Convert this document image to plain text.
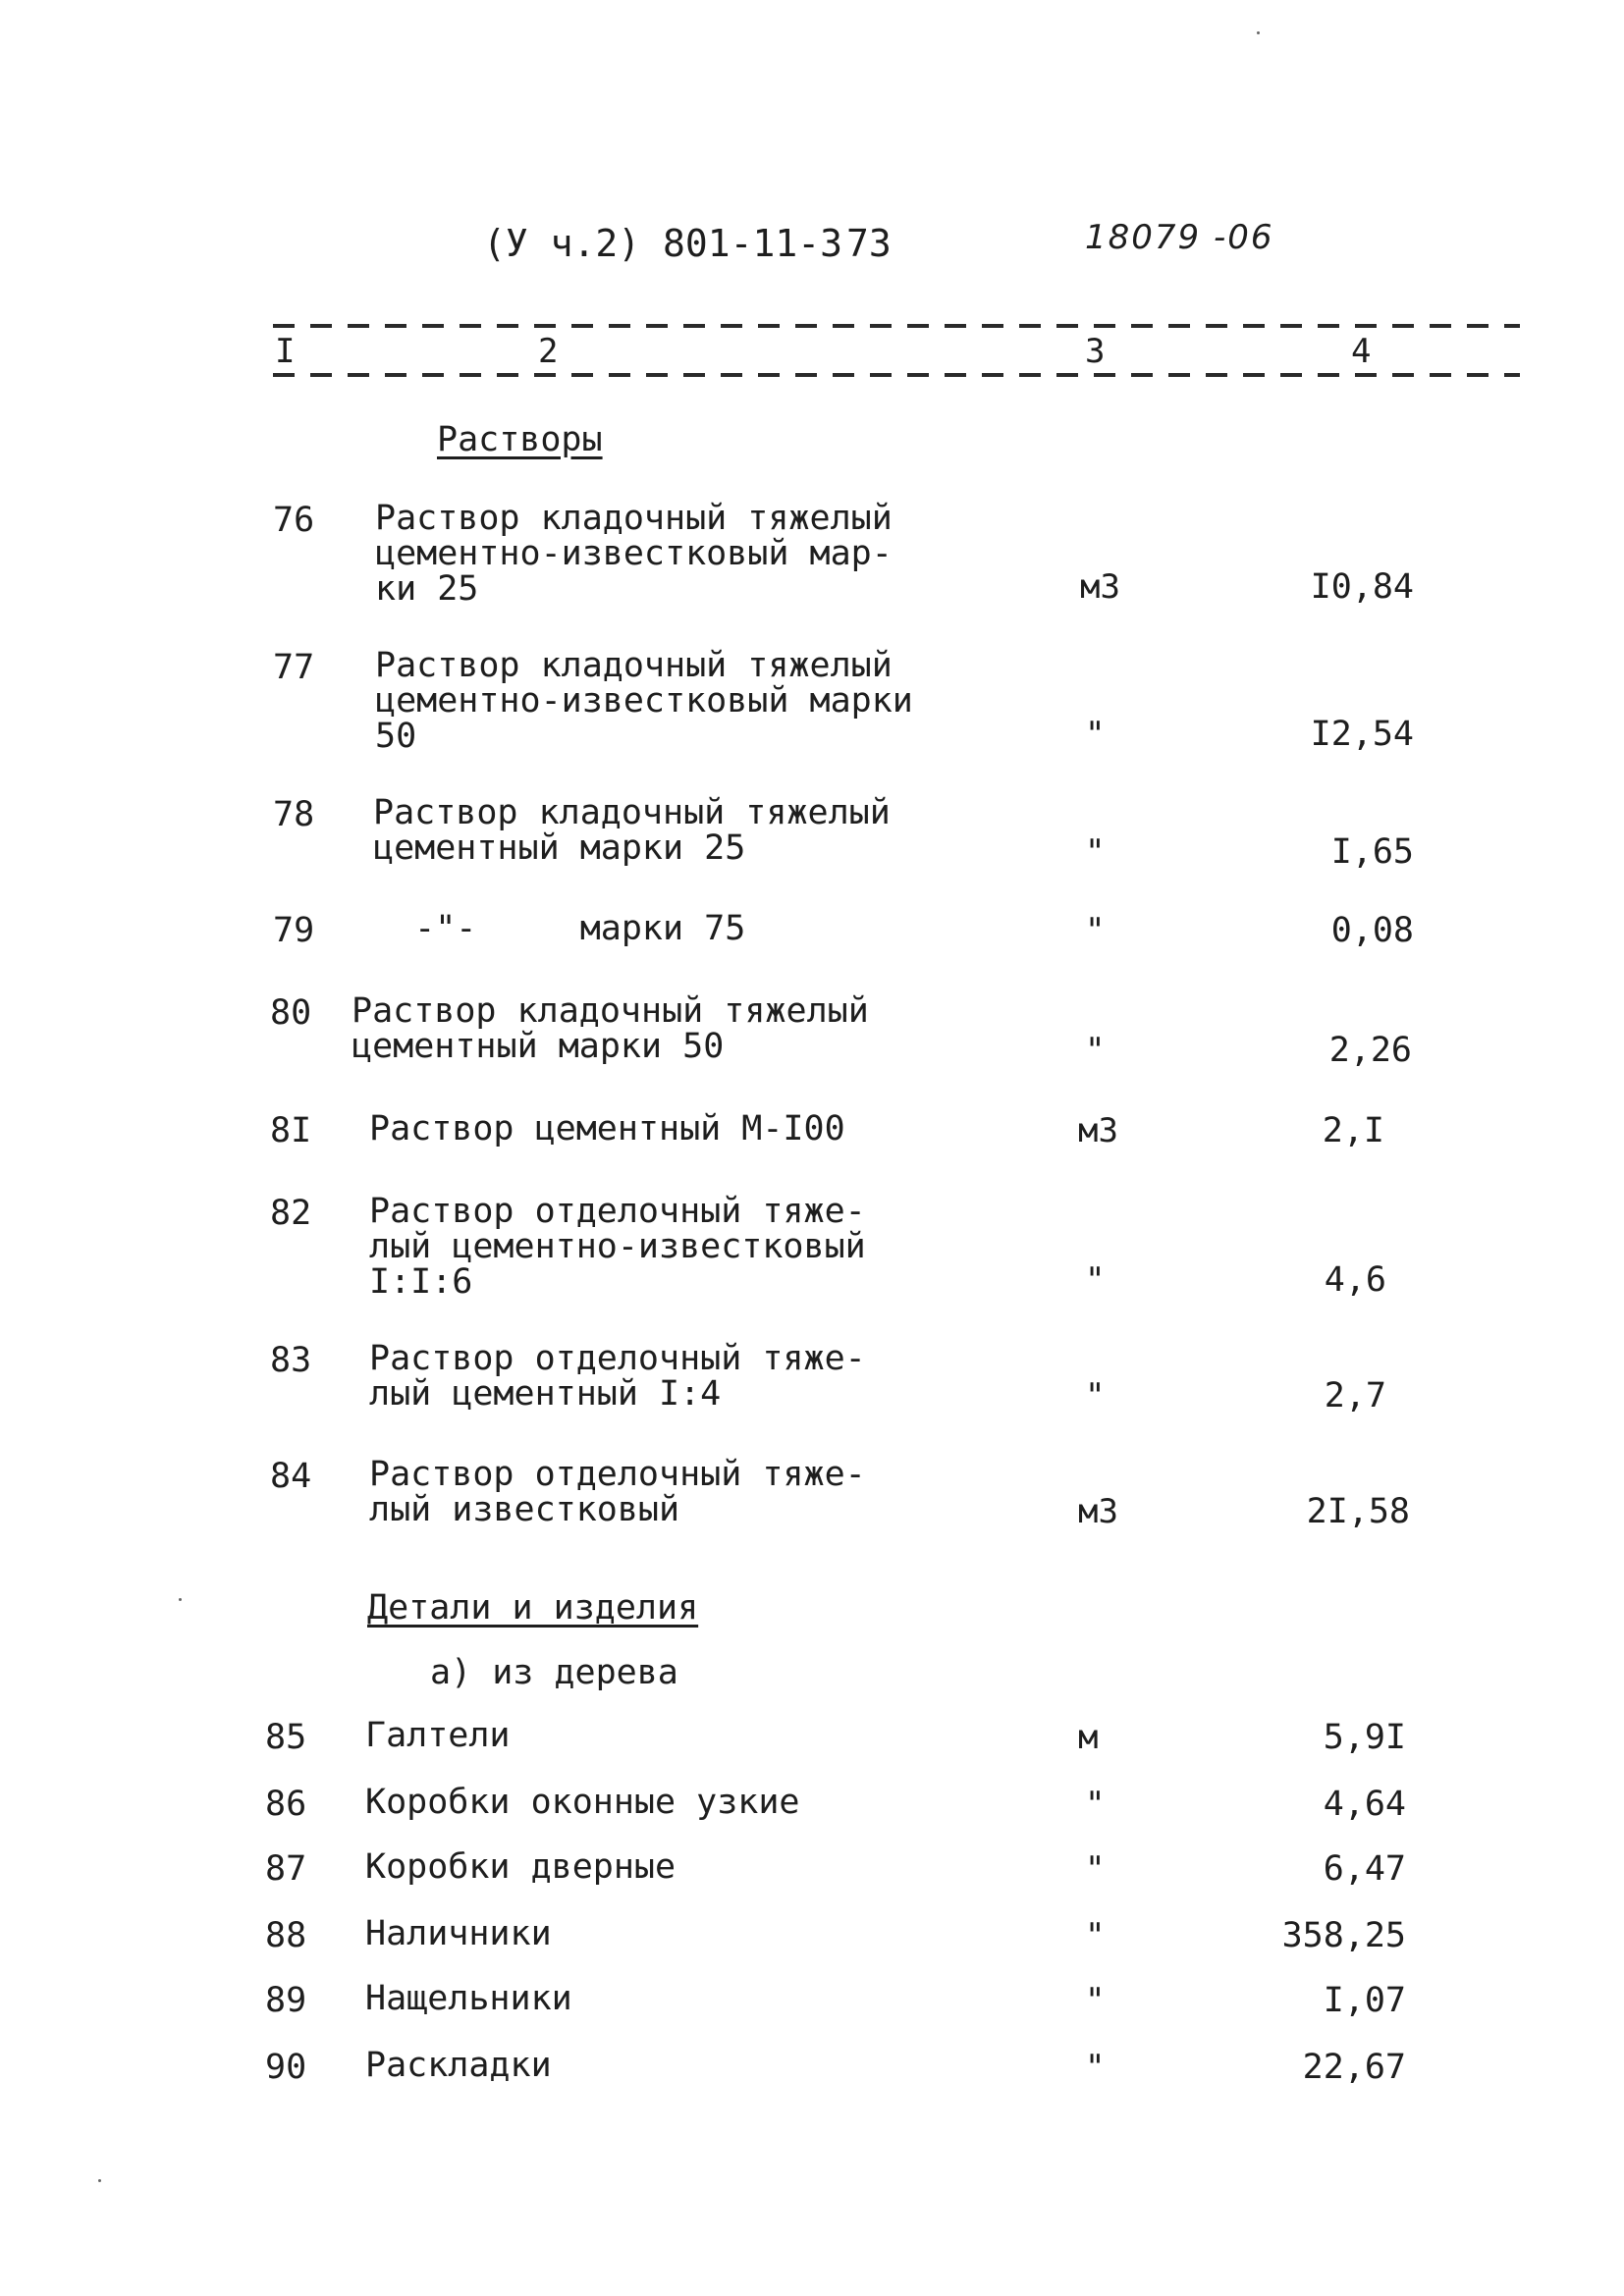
(У ч.2) 801-11-3 73	18079 -06
I	2	3	4
Растворы
76 Раствор кладочный тяжелый
цементно-известковый мар-
ки 25	м3	I0,84
77 Раствор кладочный тяжелый
цементно-известковый марки
50	"	I2,54
78 Раствор кладочный тяжелый
цементный марки 25	"	I,65
79 -"-     марки 75	"	0,08
80 Раствор кладочный тяжелый
цементный марки 50	"	2,26
8I Раствор цементный М-I00	м3	2,I
82 Раствор отделочный тяже-
лый цементно-известковый
I:I:6	"	4,6
83 Раствор отделочный тяже-
лый цементный I:4	"	2,7
84 Раствор отделочный тяже-
лый известковый	м3	2I,58
Детали и изделия
а) из дерева
85 Галтели	м	5,9I
86 Коробки оконные узкие	"	4,64
87 Коробки дверные	"	6,47
88 Наличники	"	358,25
89 Нащельники	"	I,07
90 Раскладки	"	22,67
